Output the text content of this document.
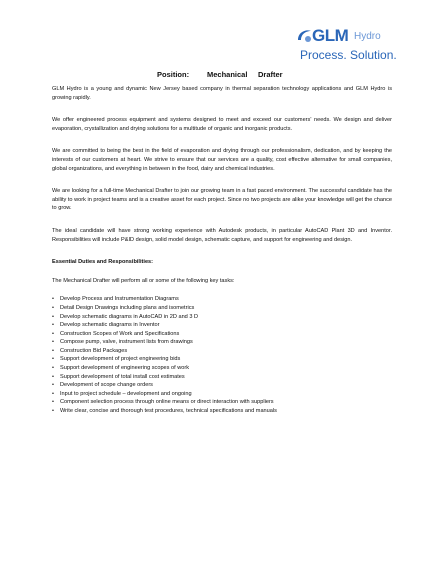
GLM Hydro
Process. Solution.
Position: Mechanical Drafter

GLM Hydro is a young and dynamic New Jersey based company in thermal separation technology applications and GLM Hydro is growing rapidly.

We offer engineered process equipment and systems designed to meet and exceed our customers' needs. We design and deliver evaporation, crystallization and drying solutions for a multitude of organic and inorganic products.

We are committed to being the best in the field of evaporation and drying through our professionalism, dedication, and by keeping the interests of our customers at heart. We strive to ensure that our services are a quality, cost effective alternative for small companies, global organizations, and everything in between in the food, dairy and chemical industries.

We are looking for a full-time Mechanical Drafter to join our growing team in a fast paced environment. The successful candidate has the ability to work in project teams and is a creative asset for each project. Since no two projects are alike your knowledge will get the chance to grow.

The ideal candidate will have strong working experience with Autodesk products, in particular AutoCAD Plant 3D and Inventor. Responsibilities will include P&ID design, solid model design, schematic capture, and support for engineering and design.

Essential Duties and Responsibilities:

The Mechanical Drafter will perform all or some of the following key tasks:

• Develop Process and Instrumentation Diagrams
• Detail Design Drawings including plans and isometrics
• Develop schematic diagrams in AutoCAD in 2D and 3 D
• Develop schematic diagrams in Inventor
• Construction Scopes of Work and Specifications
• Compose pump, valve, instrument lists from drawings
• Construction Bid Packages
• Support development of project engineering bids
• Support development of engineering scopes of work
• Support development of total install cost estimates
• Development of scope change orders
• Input to project schedule – development and ongoing
• Component selection process through online means or direct interaction with suppliers
• Write clear, concise and thorough test procedures, technical specifications and manuals
